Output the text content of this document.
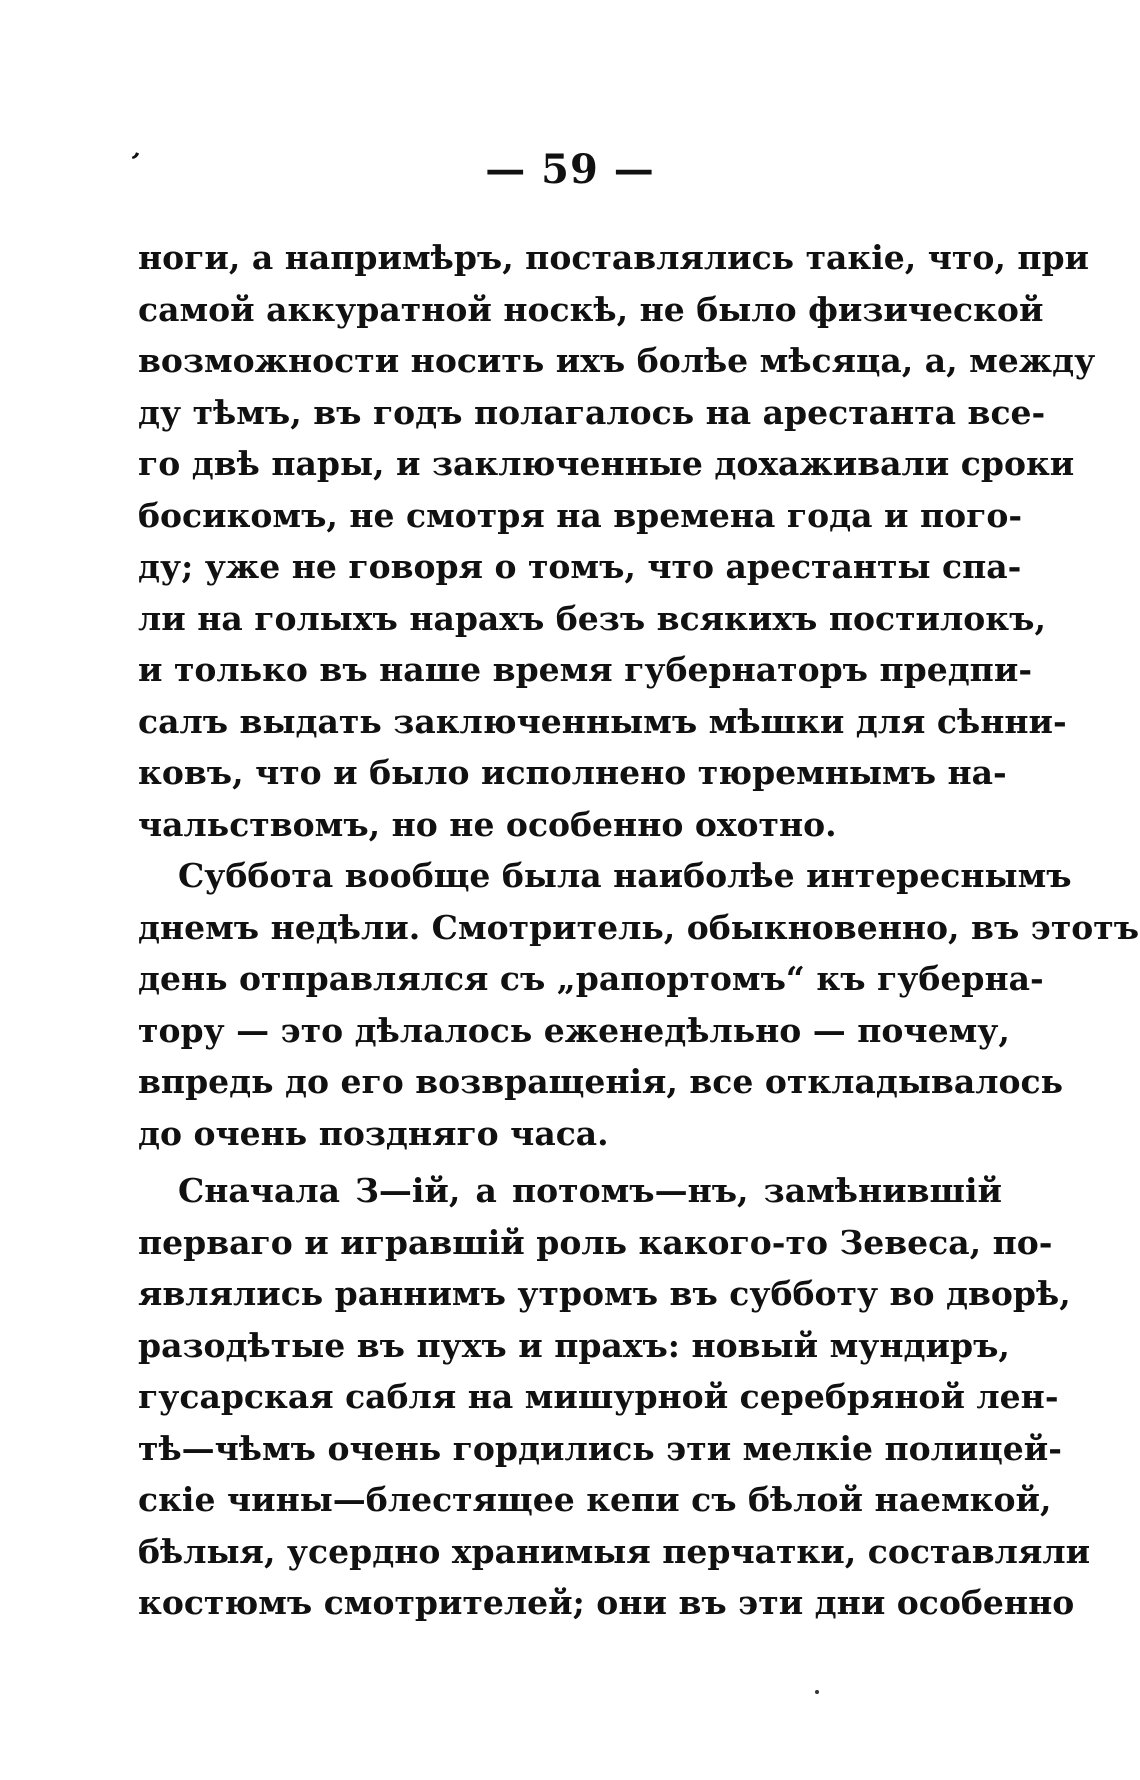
ʼ	— 59 —
ноги, а напримѣръ, поставлялись такіе, что, при
самой аккуратной носкѣ, не было физической
возможности носить ихъ болѣе мѣсяца, а, между
ду тѣмъ, въ годъ полагалось на арестанта все-
го двѣ пары, и заключенные дохаживали сроки
босикомъ, не смотря на времена года и пого-
ду; уже не говоря о томъ, что арестанты спа-
ли на голыхъ нарахъ безъ всякихъ постилокъ,
и только въ наше время губернаторъ предпи-
салъ выдать заключеннымъ мѣшки для сѣнни-
ковъ, что и было исполнено тюремнымъ на-
чальствомъ, но не особенно охотно.
Суббота вообще была наиболѣе интереснымъ
днемъ недѣли. Смотритель, обыкновенно, въ этотъ
день отправлялся съ „рапортомъ“ къ губерна-
тору — это дѣлалось еженедѣльно — почему,
впредь до его возвращенія, все откладывалось
до очень поздняго часа.
Сначала З—ій, а потомъ—нъ, замѣнившій
перваго и игравшій роль какого-то Зевеса, по-
являлись раннимъ утромъ въ субботу во дворѣ,
разодѣтые въ пухъ и прахъ: новый мундиръ,
гусарская сабля на мишурной серебряной лен-
тѣ—чѣмъ очень гордились эти мелкіе полицей-
скіе чины—блестящее кепи съ бѣлой наемкой,
бѣлыя, усердно хранимыя перчатки, составляли
костюмъ смотрителей; они въ эти дни особенно
